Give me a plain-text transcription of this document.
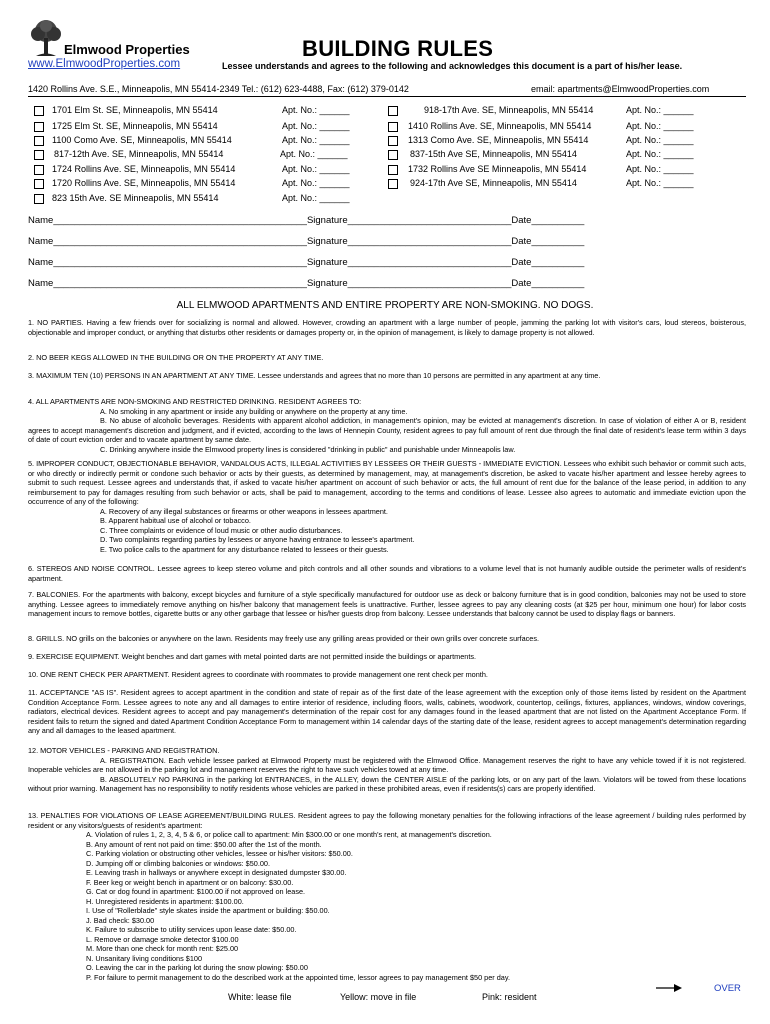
Elmwood Properties
www.ElmwoodProperties.com
BUILDING RULES
Lessee understands and agrees to the following and acknowledges this document is a part of his/her lease.
1420 Rollins Ave. S.E., Minneapolis, MN 55414-2349 Tel.: (612) 623-4488, Fax: (612) 379-0142	email: apartments@ElmwoodProperties.com
1701 Elm St. SE, Minneapolis, MN 55414	Apt. No.: ______
1725 Elm St. SE, Minneapolis, MN 55414	Apt. No.: ______
1100 Como Ave. SE, Minneapolis, MN 55414	Apt. No.: ______
817-12th Ave. SE, Minneapolis, MN 55414	Apt. No.: ______
1724 Rollins Ave. SE, Minneapolis, MN 55414	Apt. No.: ______
1720 Rollins Ave. SE, Minneapolis, MN 55414	Apt. No.: ______
823 15th Ave. SE Minneapolis, MN 55414	Apt. No.: ______
918-17th Ave. SE, Minneapolis, MN 55414	Apt. No.: ______
1410 Rollins Ave. SE, Minneapolis, MN 55414	Apt. No.: ______
1313 Como Ave. SE, Minneapolis, MN 55414	Apt. No.: ______
837-15th Ave SE, Minneapolis, MN 55414	Apt. No.: ______
1732 Rollins Ave SE Minneapolis, MN 55414	Apt. No.: ______
924-17th Ave SE, Minneapolis, MN 55414	Apt. No.: ______
Name________________________________________________Signature_______________________________Date__________
Name________________________________________________Signature_______________________________Date__________
Name________________________________________________Signature_______________________________Date__________
Name________________________________________________Signature_______________________________Date__________
ALL ELMWOOD APARTMENTS AND ENTIRE PROPERTY ARE NON-SMOKING. NO DOGS.

1. NO PARTIES. Having a few friends over for socializing is normal and allowed. However, crowding an apartment with a large number of people, jamming the parking lot with visitor's cars, loud stereos, boisterous, objectionable and improper conduct, or anything that disturbs other residents or damages property or, in the opinion of management, is likely to damage property is not allowed.

2. NO BEER KEGS ALLOWED IN THE BUILDING OR ON THE PROPERTY AT ANY TIME.

3. MAXIMUM TEN (10) PERSONS IN AN APARTMENT AT ANY TIME. Lessee understands and agrees that no more than 10 persons are permitted in any apartment at any time.

4. ALL APARTMENTS ARE NON-SMOKING AND RESTRICTED DRINKING. RESIDENT AGREES TO:

A. No smoking in any apartment or inside any building or anywhere on the property at any time.

B. No abuse of alcoholic beverages. Residents with apparent alcohol addiction, in management's opinion, may be evicted at management's discretion. In case of violation of either A or B, resident agrees to accept management's discretion and judgment, and if evicted, according to the laws of Hennepin County, resident agrees to pay full amount of rent due through the final date of resident's lease term within 3 days of date of court eviction order and to vacate apartment by same date.

C. Drinking anywhere inside the Elmwood property lines is considered "drinking in public" and punishable under Minneapolis law.

5. IMPROPER CONDUCT, OBJECTIONABLE BEHAVIOR, VANDALOUS ACTS, ILLEGAL ACTIVITIES BY LESSEES OR THEIR GUESTS - IMMEDIATE EVICTION. Lessees who exhibit such behavior or commit such acts, or who directly or indirectly permit or condone such behavior or acts by their guests, as determined by management, may, at management's discretion, be asked to vacate his/her apartment and lessee hereby agrees to submit to such request. Lessee agrees and understands that, if asked to vacate his/her apartment on account of such behavior or acts, the full amount of rent due for the balance of the lease period, in addition to any reimbursement to pay for damages resulting from such behavior or acts, shall be paid to management, according to the terms and conditions of lease. Lessee also agrees to automatic and immediate eviction upon the occurrence of any of the following:

A. Recovery of any illegal substances or firearms or other weapons in lessees apartment.

B. Apparent habitual use of alcohol or tobacco.

C. Three complaints or evidence of loud music or other audio disturbances.

D. Two complaints regarding parties by lessees or anyone having entrance to lessee's apartment.

E. Two police calls to the apartment for any disturbance related to lessees or their guests.

6. STEREOS AND NOISE CONTROL. Lessee agrees to keep stereo volume and pitch controls and all other sounds and vibrations to a volume level that is not humanly audible outside the perimeter walls of resident's apartment.

7. BALCONIES. For the apartments with balcony, except bicycles and furniture of a style specifically manufactured for outdoor use as deck or balcony furniture that is in good condition, balconies may not be used to store anything. Lessee agrees to immediately remove anything on his/her balcony that management feels is unattractive. Further, lessee agrees to pay any cleaning costs (at $25 per hour, minimum one hour) for labor costs management incurs to remove bottles, cigarette butts or any other garbage that lessee or his/her guests drop from balcony. Lessee understands that balcony cannot be used to display flags or banners.

8. GRILLS. NO grills on the balconies or anywhere on the lawn. Residents may freely use any grilling areas provided or their own grills over concrete surfaces.

9. EXERCISE EQUIPMENT. Weight benches and dart games with metal pointed darts are not permitted inside the buildings or apartments.

10. ONE RENT CHECK PER APARTMENT. Resident agrees to coordinate with roommates to provide management one rent check per month.

11. ACCEPTANCE "AS IS". Resident agrees to accept apartment in the condition and state of repair as of the first date of the lease agreement with the exception only of those items listed by resident on the Apartment Condition Acceptance Form. Lessee agrees to note any and all damages to entire interior of residence, including floors, walls, cabinets, woodwork, countertop, ceilings, fixtures, appliances, windows, window coverings, radiators, electrical devices. Resident agrees to accept and pay management's determination of the repair cost for any damages found in the leased apartment that are not listed on the Apartment Acceptance Form. If resident fails to return the signed and dated Apartment Condition Acceptance Form to management within 14 calendar days of the starting date of the lease, resident agrees to accept management's determination regarding any and all damages to the leased apartment.

12. MOTOR VEHICLES - PARKING AND REGISTRATION.

A. REGISTRATION. Each vehicle lessee parked at Elmwood Property must be registered with the Elmwood Office. Management reserves the right to have any vehicle towed if it is not registered. Inoperable vehicles are not allowed in the parking lot and management reserves the right to have such vehicles towed at any time.

B. ABSOLUTELY NO PARKING in the parking lot ENTRANCES, in the ALLEY, down the CENTER AISLE of the parking lots, or on any part of the lawn. Violators will be towed from these locations without prior warning. Management has no responsibility to notify residents whose vehicles are parked in these prohibited areas, even if residents(s) cars are properly identified.

13. PENALTIES FOR VIOLATIONS OF LEASE AGREEMENT/BUILDING RULES. Resident agrees to pay the following monetary penalties for the following infractions of the lease agreement / building rules performed by resident or any visitors/guests of resident's apartment:

A. Violation of rules 1, 2, 3, 4, 5 & 6, or police call to apartment: Min $300.00 or one month's rent, at management's discretion.

B. Any amount of rent not paid on time: $50.00 after the 1st of the month.

C. Parking violation or obstructing other vehicles, lessee or his/her visitors: $50.00.

D. Jumping off or climbing balconies or windows: $50.00.

E. Leaving trash in hallways or anywhere except in designated dumpster $30.00.

F. Beer keg or weight bench in apartment or on balcony: $30.00.

G. Cat or dog found in apartment: $100.00 if not approved on lease.

H. Unregistered residents in apartment: $100.00.

I. Use of "Rollerblade" style skates inside the apartment or building: $50.00.

J. Bad check: $30.00

K. Failure to subscribe to utility services upon lease date: $50.00.

L. Remove or damage smoke detector $100.00

M. More than one check for month rent: $25.00

N. Unsanitary living conditions $100

O. Leaving the car in the parking lot during the snow plowing: $50.00

P. For failure to permit management to do the described work at the appointed time, lessor agrees to pay management $50 per day.

White: lease file	Yellow: move in file	Pink: resident
OVER
